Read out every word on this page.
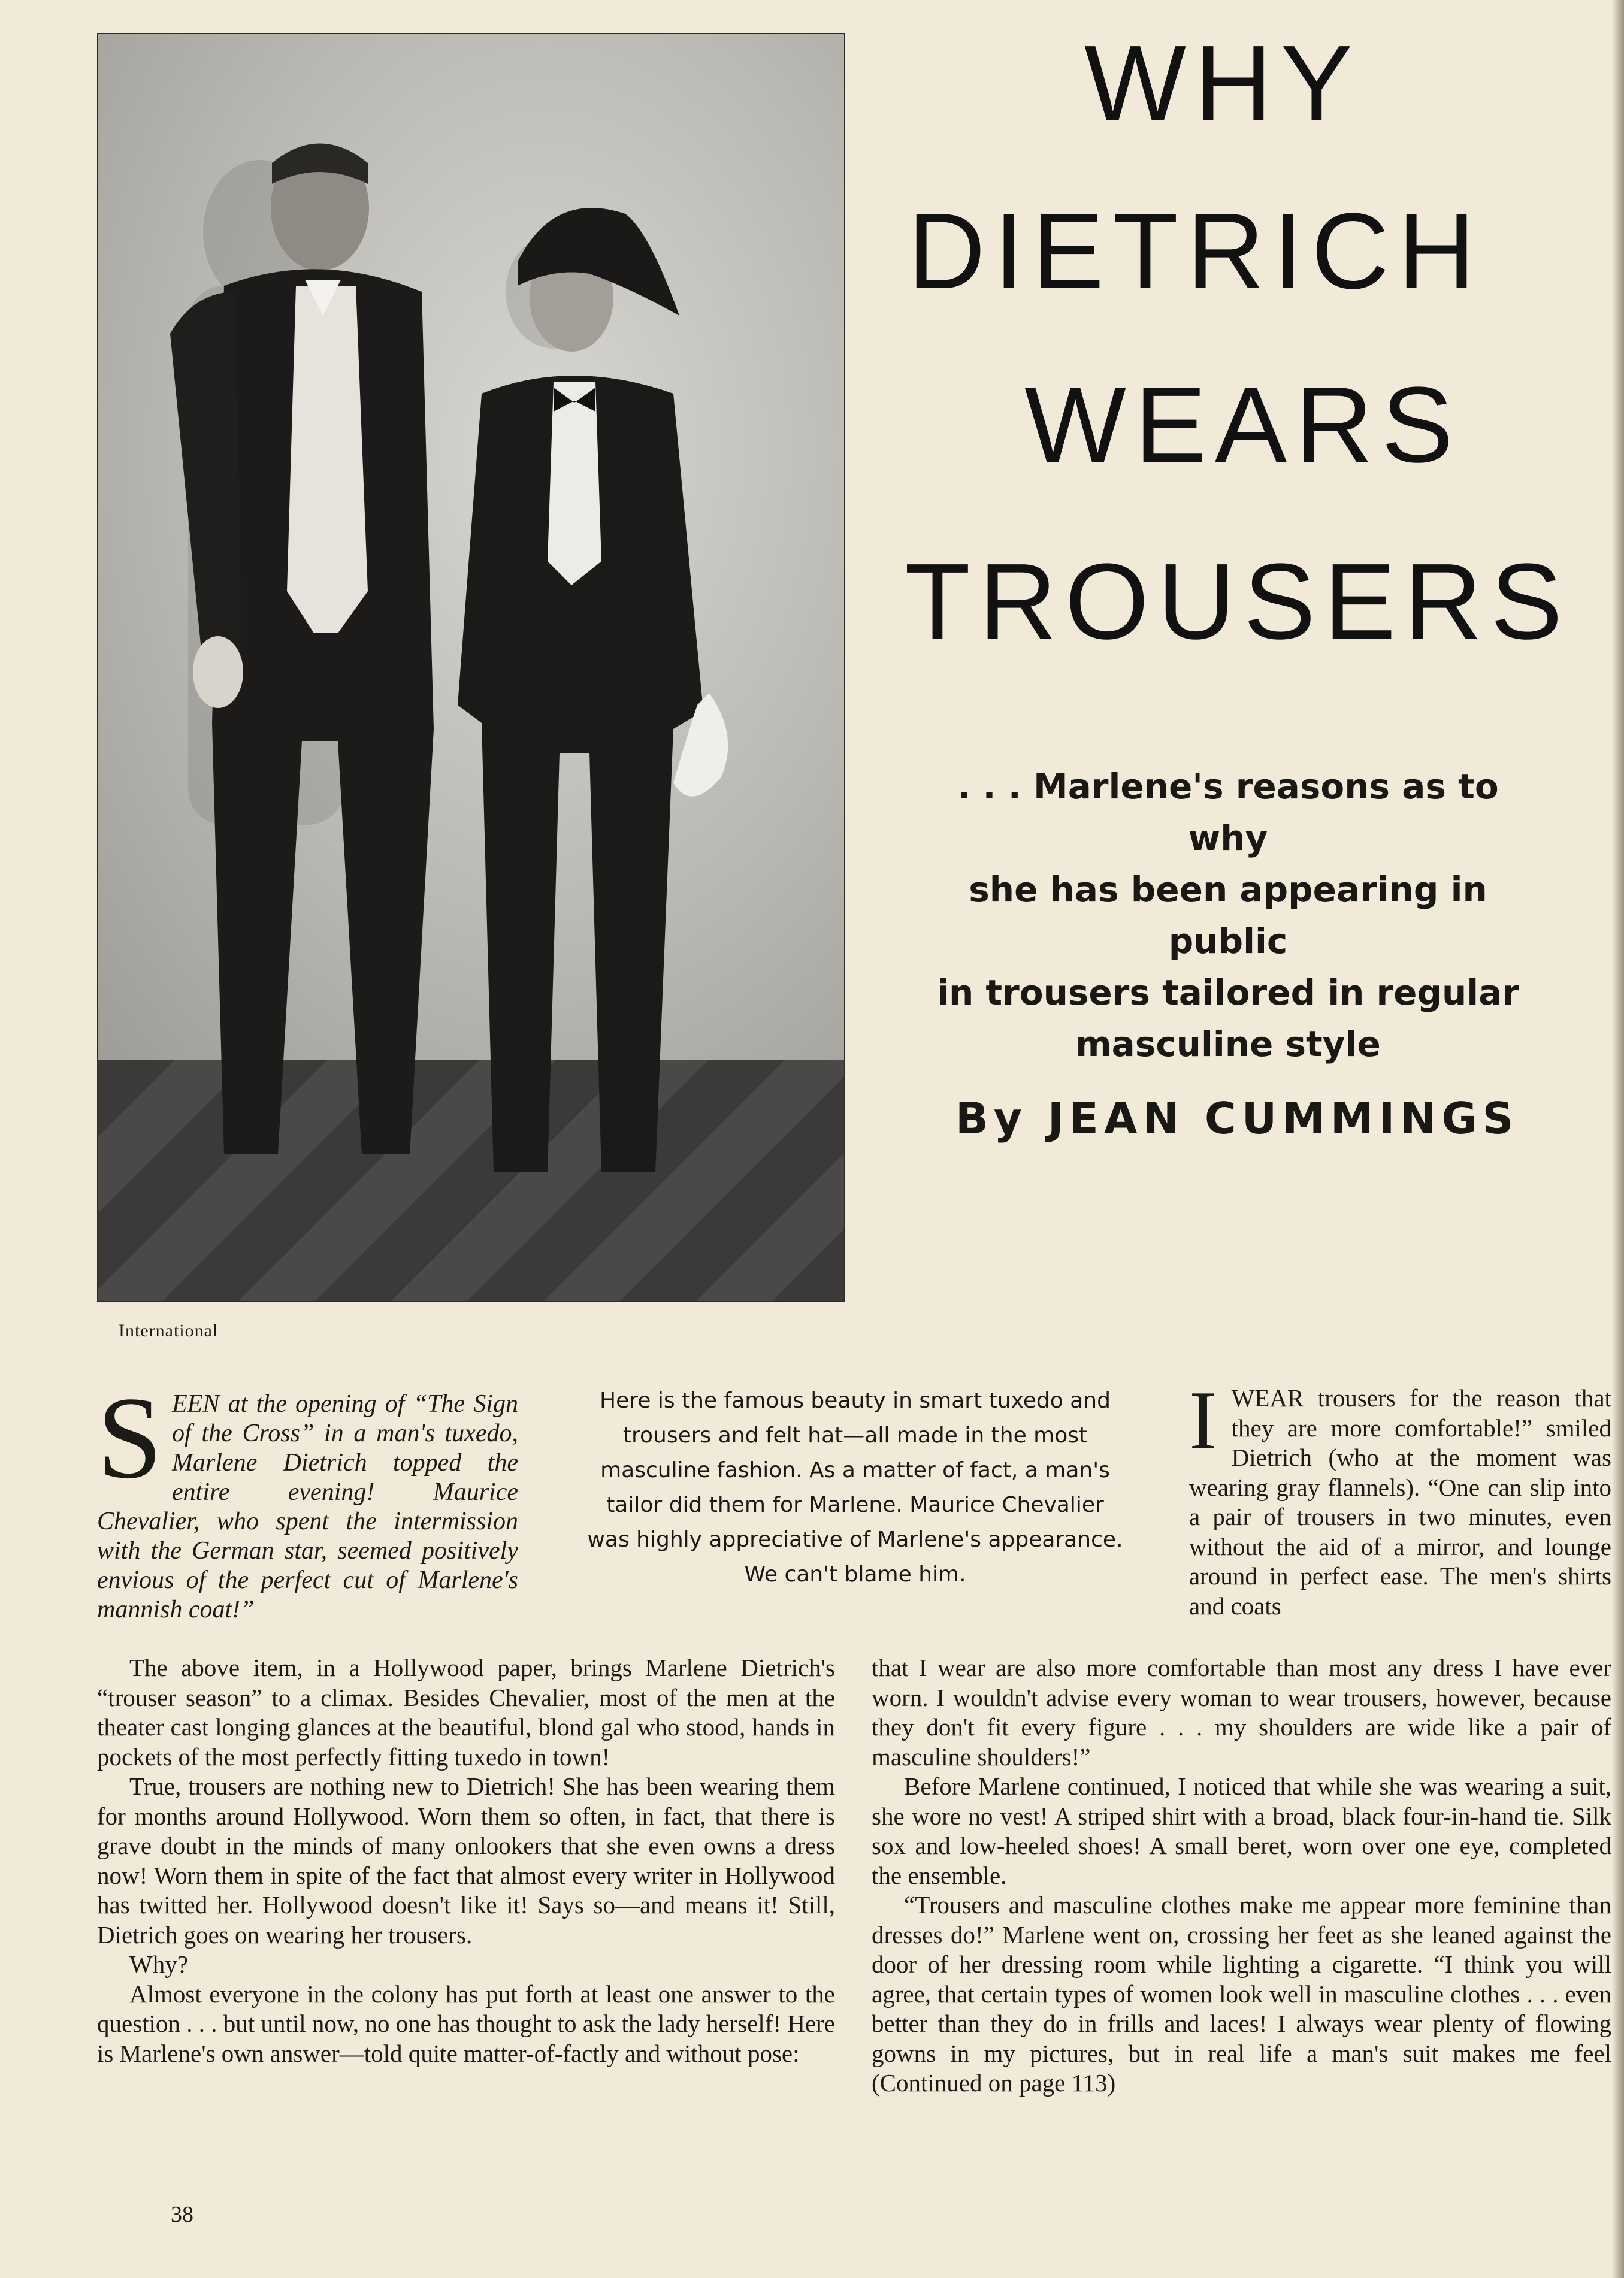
International
WHY
DIETRICH
WEARS
TROUSERS
. . . Marlene's reasons as to why
she has been appearing in public
in trousers tailored in regular
masculine style
By JEAN CUMMINGS
S EEN at the opening of “The Sign of the Cross” in a man's tuxedo, Marlene Dietrich topped the entire evening! Maurice Chevalier, who spent the intermission with the German star, seemed positively envious of the perfect cut of Marlene's mannish coat!”
Here is the famous beauty in smart tuxedo and trousers and felt hat—all made in the most masculine fashion. As a matter of fact, a man's tailor did them for Marlene. Maurice Chevalier was highly appreciative of Marlene's appearance. We can't blame him.

The above item, in a Hollywood paper, brings Marlene Dietrich's “trouser season” to a climax. Besides Chevalier, most of the men at the theater cast longing glances at the beautiful, blond gal who stood, hands in pockets of the most perfectly fitting tuxedo in town!

True, trousers are nothing new to Dietrich! She has been wearing them for months around Hollywood. Worn them so often, in fact, that there is grave doubt in the minds of many onlookers that she even owns a dress now! Worn them in spite of the fact that almost every writer in Hollywood has twitted her. Hollywood doesn't like it! Says so—and means it! Still, Dietrich goes on wearing her trousers.

Why?

Almost everyone in the colony has put forth at least one answer to the question . . . but until now, no one has thought to ask the lady herself! Here is Marlene's own answer—told quite matter-of-factly and without pose:

I WEAR trousers for the reason that they are more comfortable!” smiled Dietrich (who at the moment was wearing gray flannels). “One can slip into a pair of trousers in two minutes, even without the aid of a mirror, and lounge around in perfect ease. The men's shirts and coats

that I wear are also more comfortable than most any dress I have ever worn. I wouldn't advise every woman to wear trousers, however, because they don't fit every figure . . . my shoulders are wide like a pair of masculine shoulders!”

Before Marlene continued, I noticed that while she was wearing a suit, she wore no vest! A striped shirt with a broad, black four-in-hand tie. Silk sox and low-heeled shoes! A small beret, worn over one eye, completed the ensemble.

“Trousers and masculine clothes make me appear more feminine than dresses do!” Marlene went on, crossing her feet as she leaned against the door of her dressing room while lighting a cigarette. “I think you will agree, that certain types of women look well in masculine clothes . . . even better than they do in frills and laces! I always wear plenty of flowing gowns in my pictures, but in real life a man's suit makes me feel (Continued on page 113)

38
